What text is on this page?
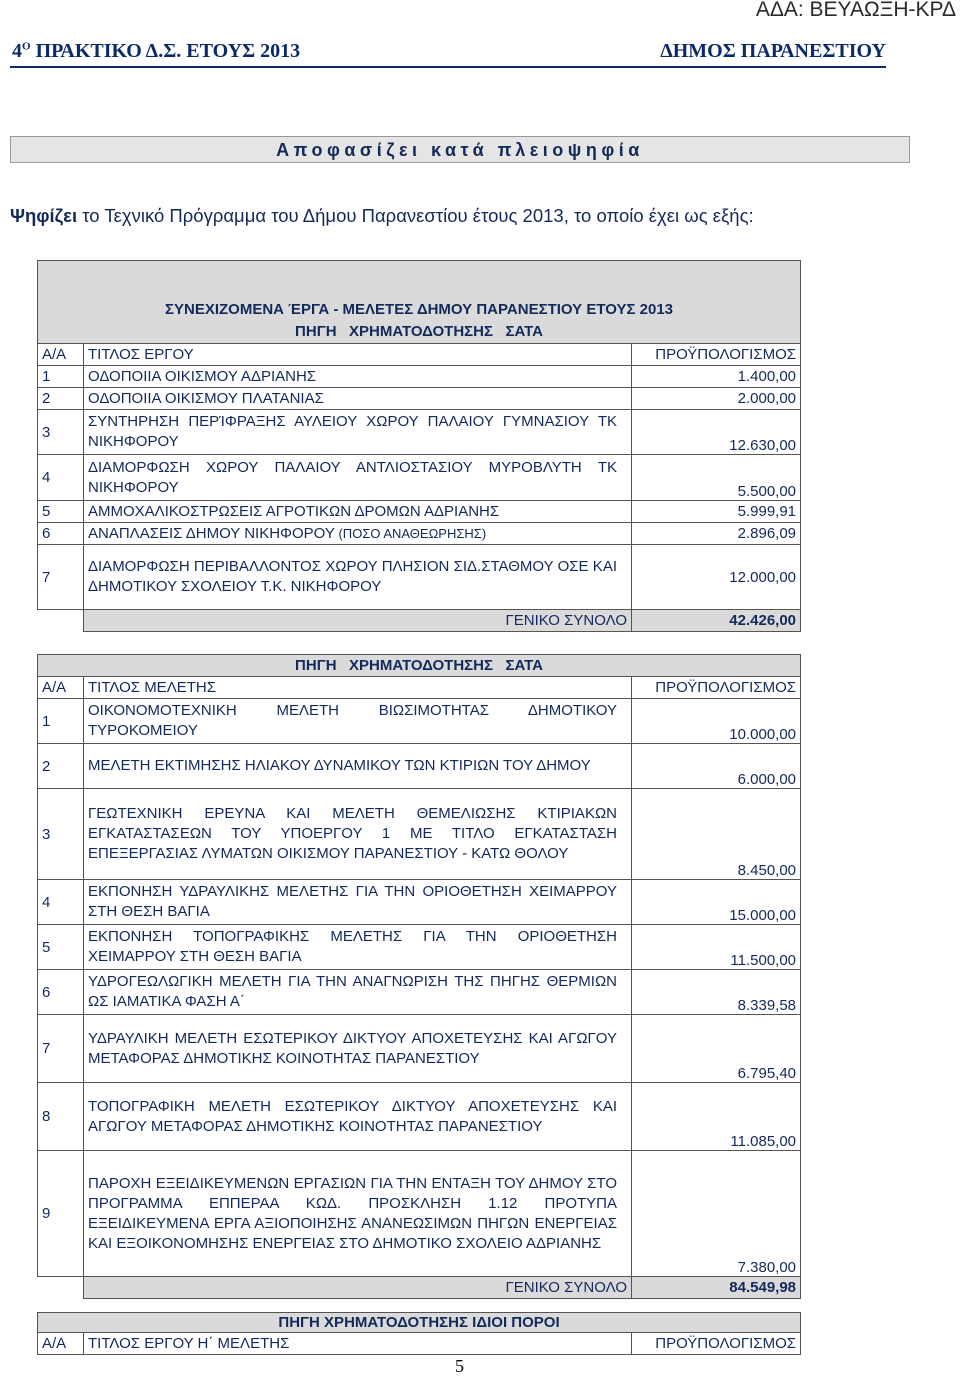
ΑΔΑ: ΒΕΥΑΩΞΗ-ΚΡΔ
$4^O$ ΠΡΑΚΤΙΚΟ Δ.Σ. ΕΤΟΥΣ 2013	ΔΗΜΟΣ ΠΑΡΑΝΕΣΤΙΟΥ
Αποφασίζει κατά πλειοψηφία
Ψηφίζει το Τεχνικό Πρόγραμμα του Δήμου Παρανεστίου έτους 2013, το οποίο έχει ως εξής:
ΣΥΝΕΧΙΖΟΜΕΝΑ ΈΡΓΑ - ΜΕΛΕΤΕΣ ΔΗΜΟΥ ΠΑΡΑΝΕΣΤΙΟΥ ΕΤΟΥΣ 2013		
ΠΗΓΗ   ΧΡΗΜΑΤΟΔΟΤΗΣΗΣ   ΣΑΤΑ		
Α/Α	ΤΙΤΛΟΣ ΕΡΓΟΥ	ΠΡΟΫΠΟΛΟΓΙΣΜΟΣ
1	ΟΔΟΠΟΙΙΑ ΟΙΚΙΣΜΟΥ ΑΔΡΙΑΝΗΣ	1.400,00
2	ΟΔΟΠΟΙΙΑ ΟΙΚΙΣΜΟΥ ΠΛΑΤΑΝΙΑΣ	2.000,00
3	ΣΥΝΤΗΡΗΣΗ ΠΕΡΊΦΡΑΞΗΣ ΑΥΛΕΙΟΥ ΧΩΡΟΥ ΠΑΛΑΙΟΥ ΓΥΜΝΑΣΙΟΥ ΤΚ ΝΙΚΗΦΟΡΟΥ	12.630,00
4	ΔΙΑΜΟΡΦΩΣΗ ΧΩΡΟΥ ΠΑΛΑΙΟΥ ΑΝΤΛΙΟΣΤΑΣΙΟΥ ΜΥΡΟΒΛΥΤΗ ΤΚ ΝΙΚΗΦΟΡΟΥ	5.500,00
5	ΑΜΜΟΧΑΛΙΚΟΣΤΡΩΣΕΙΣ ΑΓΡΟΤΙΚΩΝ ΔΡΟΜΩΝ ΑΔΡΙΑΝΗΣ	5.999,91
6	ΑΝΑΠΛΑΣΕΙΣ ΔΗΜΟΥ ΝΙΚΗΦΟΡΟΥ (ΠΟΣΟ ΑΝΑΘΕΩΡΗΣΗΣ)	2.896,09
7	ΔΙΑΜΟΡΦΩΣΗ ΠΕΡΙΒΑΛΛΟΝΤΟΣ ΧΩΡΟΥ ΠΛΗΣΙΟΝ ΣΙΔ.ΣΤΑΘΜΟΥ ΟΣΕ ΚΑΙ ΔΗΜΟΤΙΚΟΥ ΣΧΟΛΕΙΟΥ Τ.Κ. ΝΙΚΗΦΟΡΟΥ	12.000,00
	ΓΕΝΙΚΟ ΣΥΝΟΛΟ	42.426,00
ΠΗΓΗ   ΧΡΗΜΑΤΟΔΟΤΗΣΗΣ   ΣΑΤΑ		
Α/Α	ΤΙΤΛΟΣ ΜΕΛΕΤΗΣ	ΠΡΟΫΠΟΛΟΓΙΣΜΟΣ
1	ΟΙΚΟΝΟΜΟΤΕΧΝΙΚΗ ΜΕΛΕΤΗ ΒΙΩΣΙΜΟΤΗΤΑΣ ΔΗΜΟΤΙΚΟΥ ΤΥΡΟΚΟΜΕΙΟΥ	10.000,00
2	ΜΕΛΕΤΗ ΕΚΤΙΜΗΣΗΣ ΗΛΙΑΚΟΥ ΔΥΝΑΜΙΚΟΥ ΤΩΝ ΚΤΙΡΙΩΝ ΤΟΥ ΔΗΜΟΥ	6.000,00
3	ΓΕΩΤΕΧΝΙΚΗ ΕΡΕΥΝΑ ΚΑΙ ΜΕΛΕΤΗ ΘΕΜΕΛΙΩΣΗΣ ΚΤΙΡΙΑΚΩΝ ΕΓΚΑΤΑΣΤΑΣΕΩΝ ΤΟΥ ΥΠΟΕΡΓΟΥ 1 ΜΕ ΤΙΤΛΟ ΕΓΚΑΤΑΣΤΑΣΗ ΕΠΕΞΕΡΓΑΣΙΑΣ ΛΥΜΑΤΩΝ ΟΙΚΙΣΜΟΥ ΠΑΡΑΝΕΣΤΙΟΥ - ΚΑΤΩ ΘΟΛΟΥ	8.450,00
4	ΕΚΠΟΝΗΣΗ ΥΔΡΑΥΛΙΚΗΣ ΜΕΛΕΤΗΣ ΓΙΑ ΤΗΝ ΟΡΙΟΘΕΤΗΣΗ ΧΕΙΜΑΡΡΟΥ ΣΤΗ ΘΕΣΗ ΒΑΓΙΑ	15.000,00
5	ΕΚΠΟΝΗΣΗ ΤΟΠΟΓΡΑΦΙΚΗΣ ΜΕΛΕΤΗΣ ΓΙΑ ΤΗΝ ΟΡΙΟΘΕΤΗΣΗ ΧΕΙΜΑΡΡΟΥ ΣΤΗ ΘΕΣΗ ΒΑΓΙΑ	11.500,00
6	ΥΔΡΟΓΕΩΛΩΓΙΚΗ ΜΕΛΕΤΗ ΓΙΑ ΤΗΝ ΑΝΑΓΝΩΡΙΣΗ ΤΗΣ ΠΗΓΗΣ ΘΕΡΜΙΩΝ ΩΣ ΙΑΜΑΤΙΚΑ ΦΑΣΗ Α΄	8.339,58
7	ΥΔΡΑΥΛΙΚΗ ΜΕΛΕΤΗ ΕΣΩΤΕΡΙΚΟΥ ΔΙΚΤΥΟΥ ΑΠΟΧΕΤΕΥΣΗΣ ΚΑΙ ΑΓΩΓΟΥ ΜΕΤΑΦΟΡΑΣ ΔΗΜΟΤΙΚΗΣ ΚΟΙΝΟΤΗΤΑΣ ΠΑΡΑΝΕΣΤΙΟΥ	6.795,40
8	ΤΟΠΟΓΡΑΦΙΚΗ ΜΕΛΕΤΗ ΕΣΩΤΕΡΙΚΟΥ ΔΙΚΤΥΟΥ ΑΠΟΧΕΤΕΥΣΗΣ ΚΑΙ ΑΓΩΓΟΥ ΜΕΤΑΦΟΡΑΣ ΔΗΜΟΤΙΚΗΣ ΚΟΙΝΟΤΗΤΑΣ ΠΑΡΑΝΕΣΤΙΟΥ	11.085,00
9	ΠΑΡΟΧΗ ΕΞΕΙΔΙΚΕΥΜΕΝΩΝ ΕΡΓΑΣΙΩΝ ΓΙΑ ΤΗΝ ΕΝΤΑΞΗ ΤΟΥ ΔΗΜΟΥ ΣΤΟ ΠΡΟΓΡΑΜΜΑ ΕΠΠΕΡΑΑ ΚΩΔ. ΠΡΟΣΚΛΗΣΗ 1.12 ΠΡΟΤΥΠΑ ΕΞΕΙΔΙΚΕΥΜΕΝΑ ΕΡΓΑ ΑΞΙΟΠΟΙΗΣΗΣ ΑΝΑΝΕΩΣΙΜΩΝ ΠΗΓΩΝ ΕΝΕΡΓΕΙΑΣ ΚΑΙ ΕΞΟΙΚΟΝΟΜΗΣΗΣ ΕΝΕΡΓΕΙΑΣ ΣΤΟ ΔΗΜΟΤΙΚΟ ΣΧΟΛΕΙΟ ΑΔΡΙΑΝΗΣ	7.380,00
	ΓΕΝΙΚΟ ΣΥΝΟΛΟ	84.549,98
ΠΗΓΗ ΧΡΗΜΑΤΟΔΟΤΗΣΗΣ ΙΔΙΟΙ ΠΟΡΟΙ
Α/Α	ΤΙΤΛΟΣ ΕΡΓΟΥ Η΄ ΜΕΛΕΤΗΣ	ΠΡΟΫΠΟΛΟΓΙΣΜΟΣ
5
